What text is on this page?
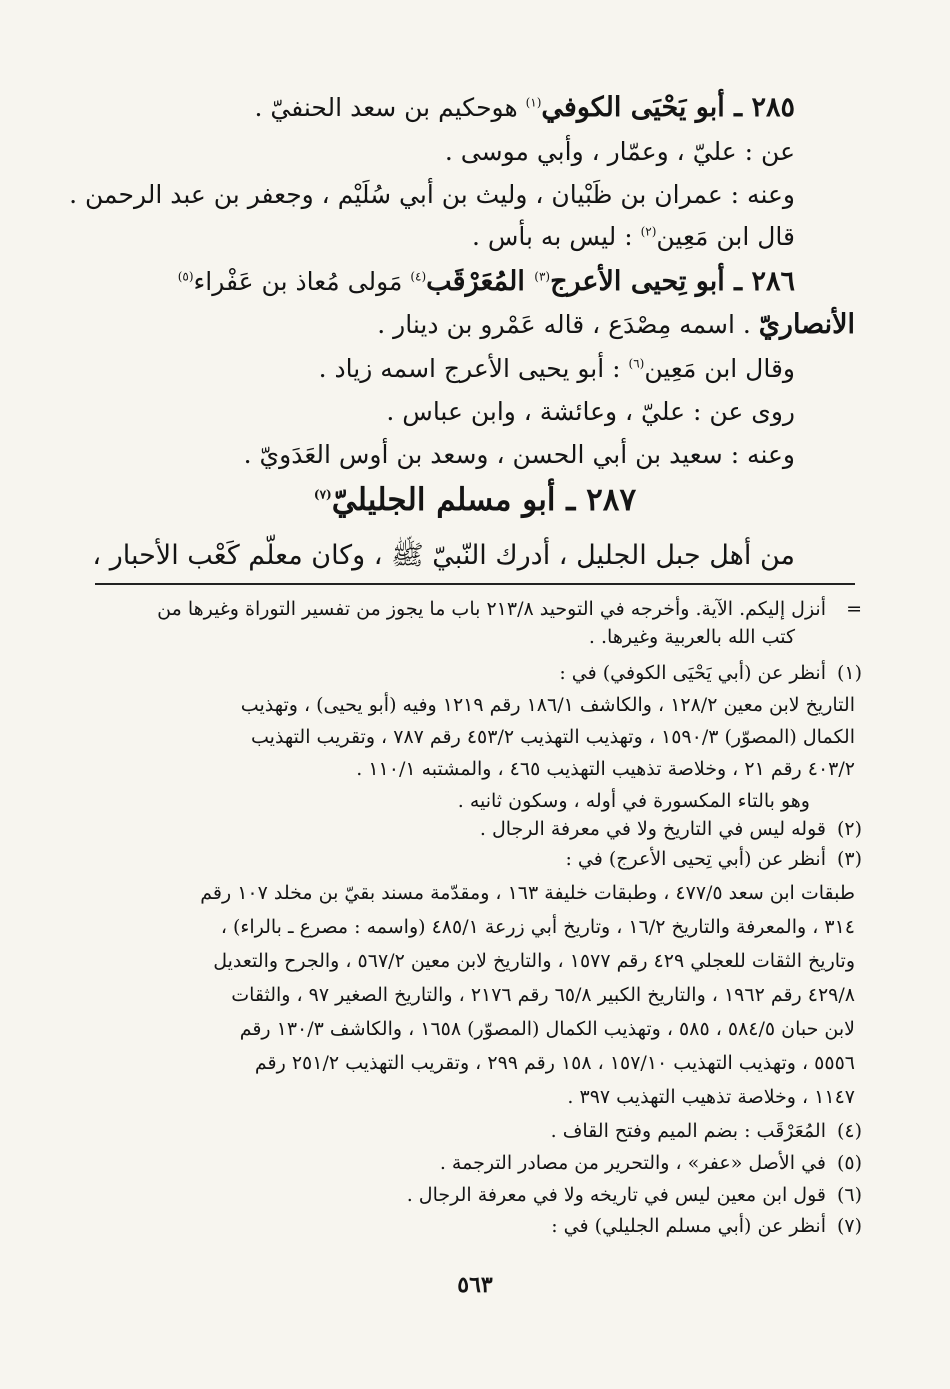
٢٨٥ ـ أبو يَحْيَى الكوفي$^{(١)}$ هوحكيم بن سعد الحنفيّ .
عن : عليّ ، وعمّار ، وأبي موسى .
وعنه : عمران بن ظَبْيان ، وليث بن أبي سُلَيْم ، وجعفر بن عبد الرحمن .
قال ابن مَعِين$^{(٢)}$ : ليس به بأس .
٢٨٦ ـ أبو تِحيى الأعرج$^{(٣)}$ المُعَرْقَب$^{(٤)}$ مَولى مُعاذ بن عَفْراء$^{(٥)}$
الأنصاريّ . اسمه مِصْدَع ، قاله عَمْرو بن دينار .
وقال ابن مَعِين$^{(٦)}$ : أبو يحيى الأعرج اسمه زياد .
روى عن : عليّ ، وعائشة ، وابن عباس .
وعنه : سعيد بن أبي الحسن ، وسعد بن أوس العَدَويّ .
٢٨٧ ـ أبو مسلم الجليليّ$^{(٧)}$
من أهل جبل الجليل ، أدرك النّبيّ ﷺ ، وكان معلّم كَعْب الأحبار ،
=أنزل إليكم. الآية. وأخرجه في التوحيد ٢١٣/٨ باب ما يجوز من تفسير التوراة وغيرها من
كتب الله بالعربية وغيرها. .
(١)أنظر عن (أبي يَحْيَى الكوفي) في :
التاريخ لابن معين ١٢٨/٢ ، والكاشف ١٨٦/١ رقم ١٢١٩ وفيه (أبو يحيى) ، وتهذيب
الكمال (المصوّر) ١٥٩٠/٣ ، وتهذيب التهذيب ٤٥٣/٢ رقم ٧٨٧ ، وتقريب التهذيب
٤٠٣/٢ رقم ٢١ ، وخلاصة تذهيب التهذيب ٤٦٥ ، والمشتبه ١١٠/١ .
وهو بالتاء المكسورة في أوله ، وسكون ثانيه .
(٢)قوله ليس في التاريخ ولا في معرفة الرجال .
(٣)أنظر عن (أبي تِحيى الأعرج) في :
طبقات ابن سعد ٤٧٧/٥ ، وطبقات خليفة ١٦٣ ، ومقدّمة مسند بقيّ بن مخلد ١٠٧ رقم
٣١٤ ، والمعرفة والتاريخ ١٦/٢ ، وتاريخ أبي زرعة ٤٨٥/١ (واسمه : مصرع ـ بالراء) ،
وتاريخ الثقات للعجلي ٤٢٩ رقم ١٥٧٧ ، والتاريخ لابن معين ٥٦٧/٢ ، والجرح والتعديل
٤٢٩/٨ رقم ١٩٦٢ ، والتاريخ الكبير ٦٥/٨ رقم ٢١٧٦ ، والتاريخ الصغير ٩٧ ، والثقات
لابن حبان ٥٨٤/٥ ، ٥٨٥ ، وتهذيب الكمال (المصوّر) ١٦٥٨ ، والكاشف ١٣٠/٣ رقم
٥٥٥٦ ، وتهذيب التهذيب ١٥٧/١٠ ، ١٥٨ رقم ٢٩٩ ، وتقريب التهذيب ٢٥١/٢ رقم
١١٤٧ ، وخلاصة تذهيب التهذيب ٣٩٧ .
(٤)المُعَرْقَب : بضم الميم وفتح القاف .
(٥)في الأصل «عفر» ، والتحرير من مصادر الترجمة .
(٦)قول ابن معين ليس في تاريخه ولا في معرفة الرجال .
(٧)أنظر عن (أبي مسلم الجليلي) في :
٥٦٣
